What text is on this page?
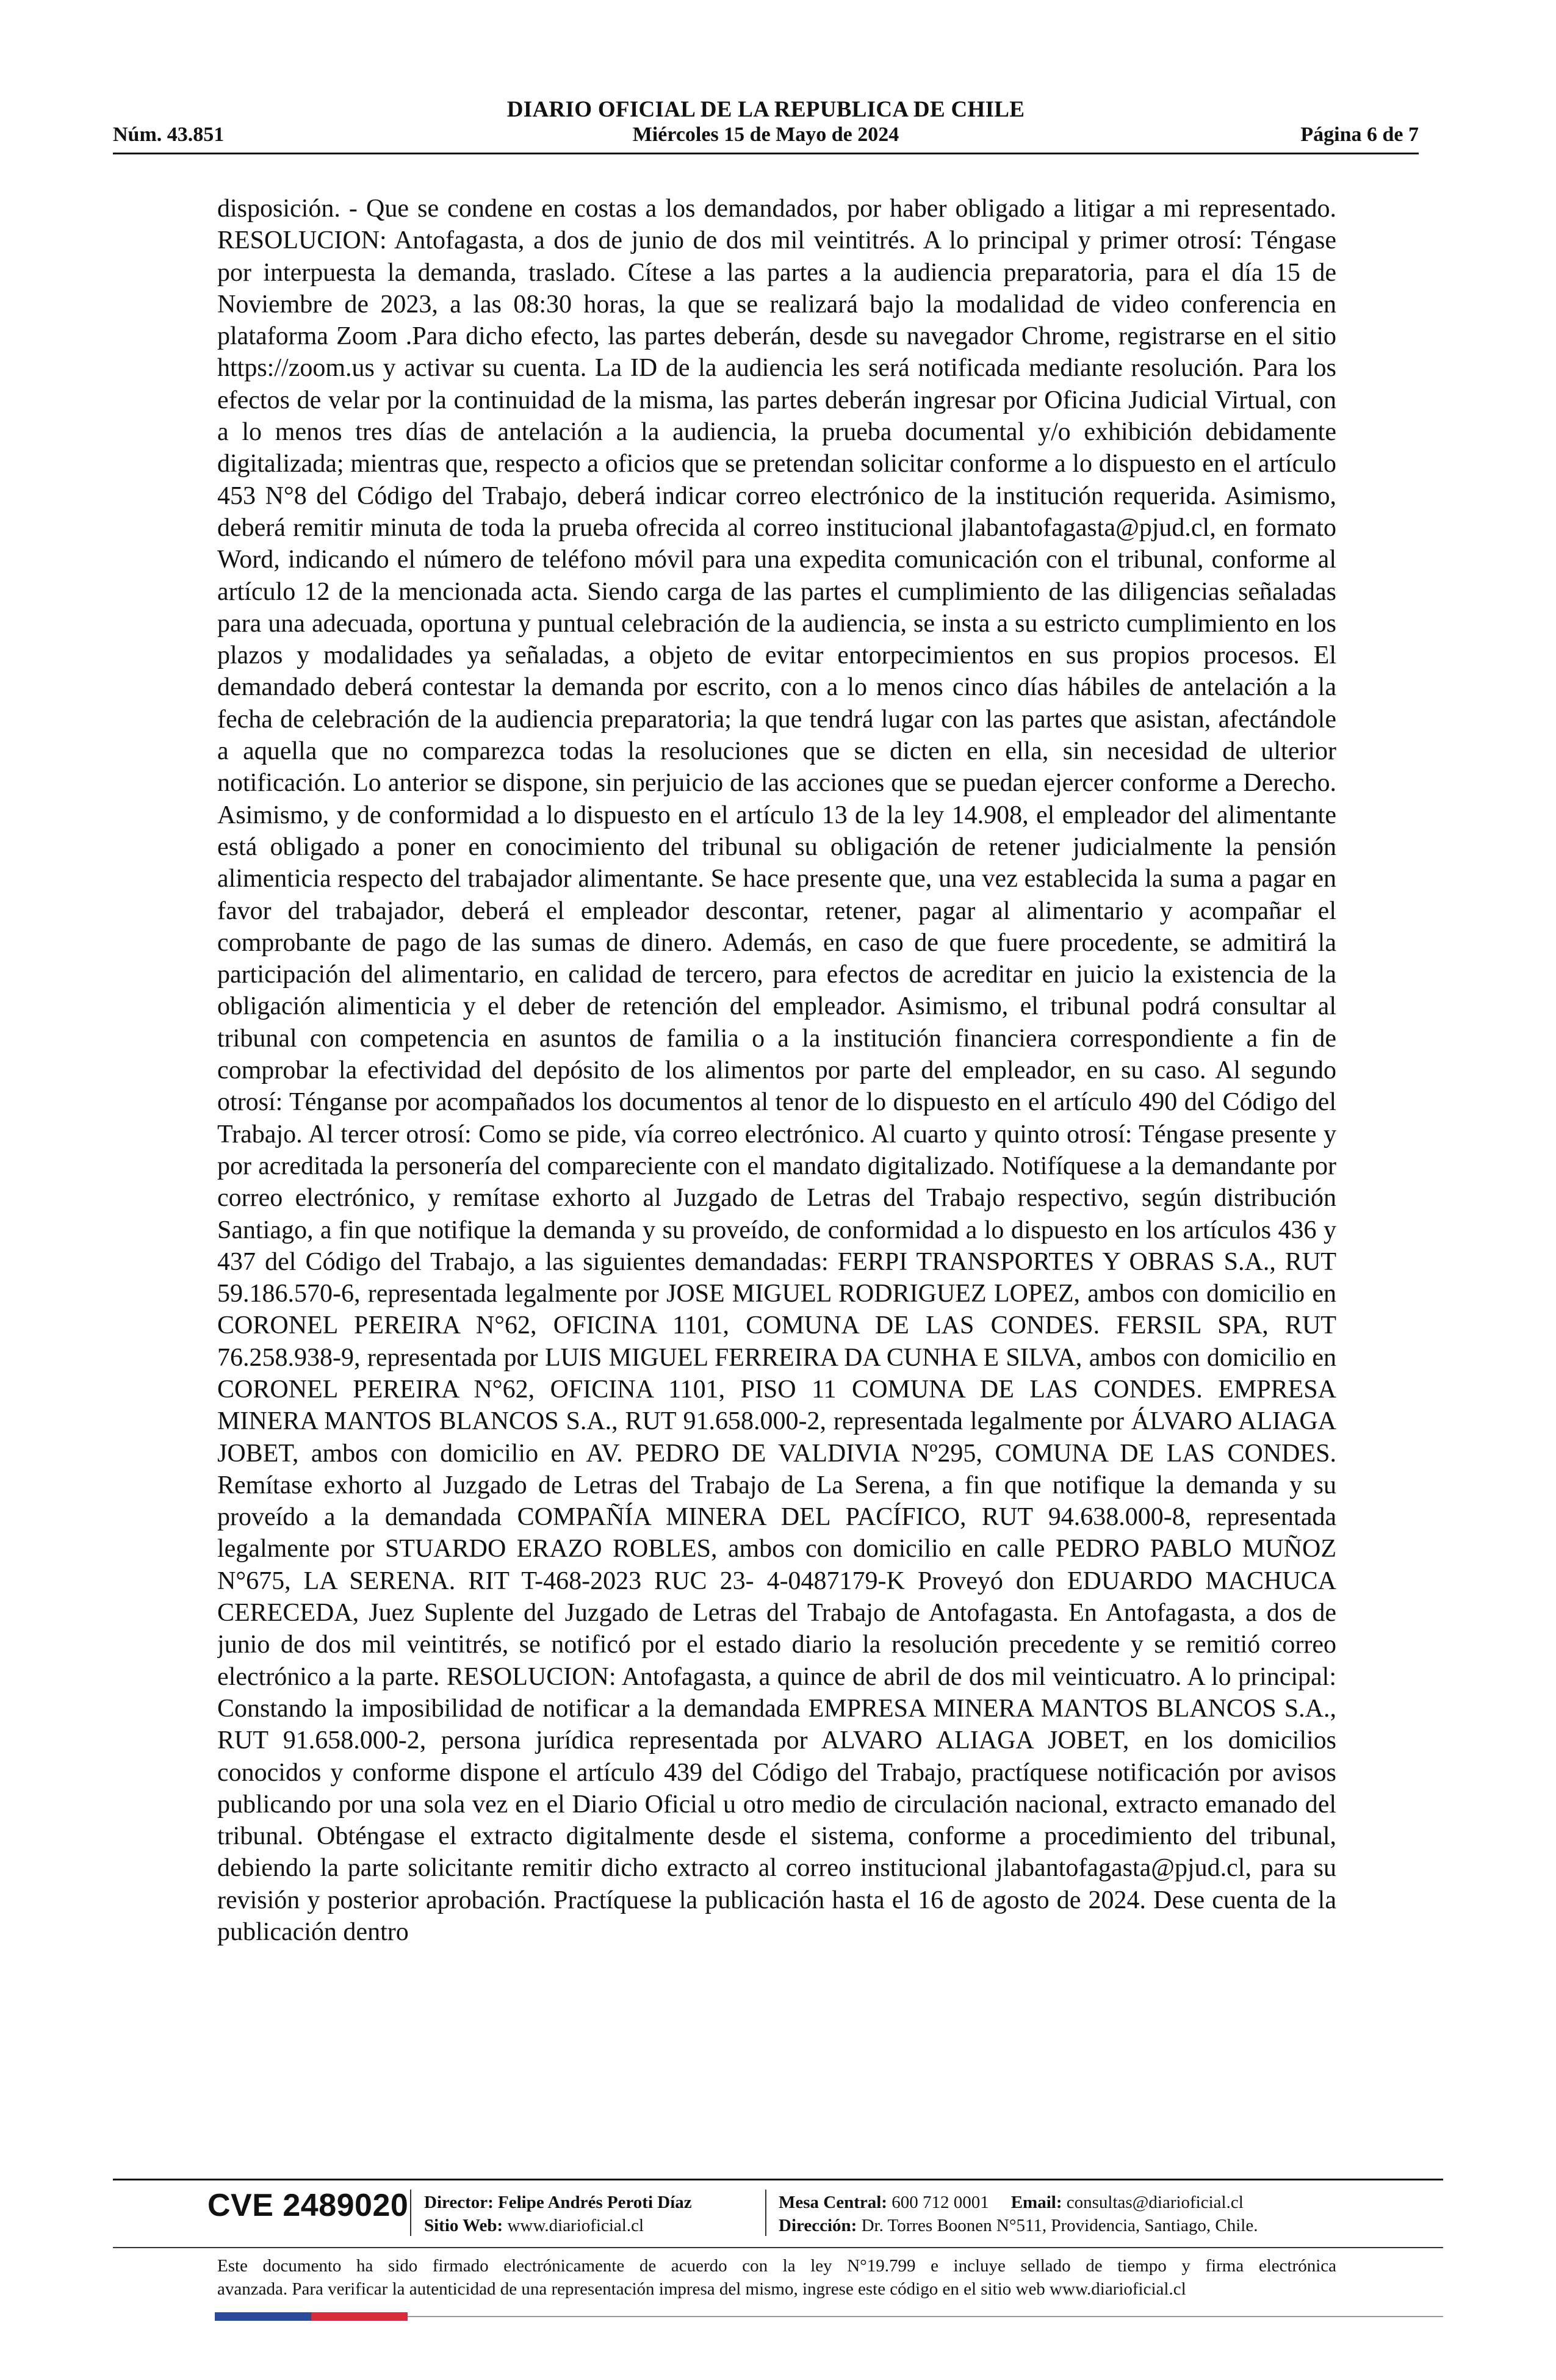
DIARIO OFICIAL DE LA REPUBLICA DE CHILE
Núm. 43.851	Miércoles 15 de Mayo de 2024	Página 6 de 7

disposición. - Que se condene en costas a los demandados, por haber obligado a litigar a mi representado. RESOLUCION: Antofagasta, a dos de junio de dos mil veintitrés. A lo principal y primer otrosí: Téngase por interpuesta la demanda, traslado. Cítese a las partes a la audiencia preparatoria, para el día 15 de Noviembre de 2023, a las 08:30 horas, la que se realizará bajo la modalidad de video conferencia en plataforma Zoom .Para dicho efecto, las partes deberán, desde su navegador Chrome, registrarse en el sitio https://zoom.us y activar su cuenta. La ID de la audiencia les será notificada mediante resolución. Para los efectos de velar por la continuidad de la misma, las partes deberán ingresar por Oficina Judicial Virtual, con a lo menos tres días de antelación a la audiencia, la prueba documental y/o exhibición debidamente digitalizada; mientras que, respecto a oficios que se pretendan solicitar conforme a lo dispuesto en el artículo 453 N°8 del Código del Trabajo, deberá indicar correo electrónico de la institución requerida. Asimismo, deberá remitir minuta de toda la prueba ofrecida al correo institucional jlabantofagasta@pjud.cl, en formato Word, indicando el número de teléfono móvil para una expedita comunicación con el tribunal, conforme al artículo 12 de la mencionada acta. Siendo carga de las partes el cumplimiento de las diligencias señaladas para una adecuada, oportuna y puntual celebración de la audiencia, se insta a su estricto cumplimiento en los plazos y modalidades ya señaladas, a objeto de evitar entorpecimientos en sus propios procesos. El demandado deberá contestar la demanda por escrito, con a lo menos cinco días hábiles de antelación a la fecha de celebración de la audiencia preparatoria; la que tendrá lugar con las partes que asistan, afectándole a aquella que no comparezca todas la resoluciones que se dicten en ella, sin necesidad de ulterior notificación. Lo anterior se dispone, sin perjuicio de las acciones que se puedan ejercer conforme a Derecho. Asimismo, y de conformidad a lo dispuesto en el artículo 13 de la ley 14.908, el empleador del alimentante está obligado a poner en conocimiento del tribunal su obligación de retener judicialmente la pensión alimenticia respecto del trabajador alimentante. Se hace presente que, una vez establecida la suma a pagar en favor del trabajador, deberá el empleador descontar, retener, pagar al alimentario y acompañar el comprobante de pago de las sumas de dinero. Además, en caso de que fuere procedente, se admitirá la participación del alimentario, en calidad de tercero, para efectos de acreditar en juicio la existencia de la obligación alimenticia y el deber de retención del empleador. Asimismo, el tribunal podrá consultar al tribunal con competencia en asuntos de familia o a la institución financiera correspondiente a fin de comprobar la efectividad del depósito de los alimentos por parte del empleador, en su caso. Al segundo otrosí: Ténganse por acompañados los documentos al tenor de lo dispuesto en el artículo 490 del Código del Trabajo. Al tercer otrosí: Como se pide, vía correo electrónico. Al cuarto y quinto otrosí: Téngase presente y por acreditada la personería del compareciente con el mandato digitalizado. Notifíquese a la demandante por correo electrónico, y remítase exhorto al Juzgado de Letras del Trabajo respectivo, según distribución Santiago, a fin que notifique la demanda y su proveído, de conformidad a lo dispuesto en los artículos 436 y 437 del Código del Trabajo, a las siguientes demandadas: FERPI TRANSPORTES Y OBRAS S.A., RUT 59.186.570-6, representada legalmente por JOSE MIGUEL RODRIGUEZ LOPEZ, ambos con domicilio en CORONEL PEREIRA N°62, OFICINA 1101, COMUNA DE LAS CONDES. FERSIL SPA, RUT 76.258.938-9, representada por LUIS MIGUEL FERREIRA DA CUNHA E SILVA, ambos con domicilio en CORONEL PEREIRA N°62, OFICINA 1101, PISO 11 COMUNA DE LAS CONDES. EMPRESA MINERA MANTOS BLANCOS S.A., RUT 91.658.000-2, representada legalmente por ÁLVARO ALIAGA JOBET, ambos con domicilio en AV. PEDRO DE VALDIVIA Nº295, COMUNA DE LAS CONDES. Remítase exhorto al Juzgado de Letras del Trabajo de La Serena, a fin que notifique la demanda y su proveído a la demandada COMPAÑÍA MINERA DEL PACÍFICO, RUT 94.638.000-8, representada legalmente por STUARDO ERAZO ROBLES, ambos con domicilio en calle PEDRO PABLO MUÑOZ N°675, LA SERENA. RIT T-468-2023 RUC 23- 4-0487179-K Proveyó don EDUARDO MACHUCA CERECEDA, Juez Suplente del Juzgado de Letras del Trabajo de Antofagasta. En Antofagasta, a dos de junio de dos mil veintitrés, se notificó por el estado diario la resolución precedente y se remitió correo electrónico a la parte. RESOLUCION: Antofagasta, a quince de abril de dos mil veinticuatro. A lo principal: Constando la imposibilidad de notificar a la demandada EMPRESA MINERA MANTOS BLANCOS S.A., RUT 91.658.000-2, persona jurídica representada por ALVARO ALIAGA JOBET, en los domicilios conocidos y conforme dispone el artículo 439 del Código del Trabajo, practíquese notificación por avisos publicando por una sola vez en el Diario Oficial u otro medio de circulación nacional, extracto emanado del tribunal. Obténgase el extracto digitalmente desde el sistema, conforme a procedimiento del tribunal, debiendo la parte solicitante remitir dicho extracto al correo institucional jlabantofagasta@pjud.cl, para su revisión y posterior aprobación. Practíquese la publicación hasta el 16 de agosto de 2024. Dese cuenta de la publicación dentro

CVE 2489020 Director: Felipe Andrés Peroti Díaz
Sitio Web: www.diarioficial.cl
Mesa Central: 600 712 0001 Email: consultas@diarioficial.cl
Dirección: Dr. Torres Boonen N°511, Providencia, Santiago, Chile.
Este documento ha sido firmado electrónicamente de acuerdo con la ley N°19.799 e incluye sellado de tiempo y firma electrónica
avanzada. Para verificar la autenticidad de una representación impresa del mismo, ingrese este código en el sitio web www.diarioficial.cl
